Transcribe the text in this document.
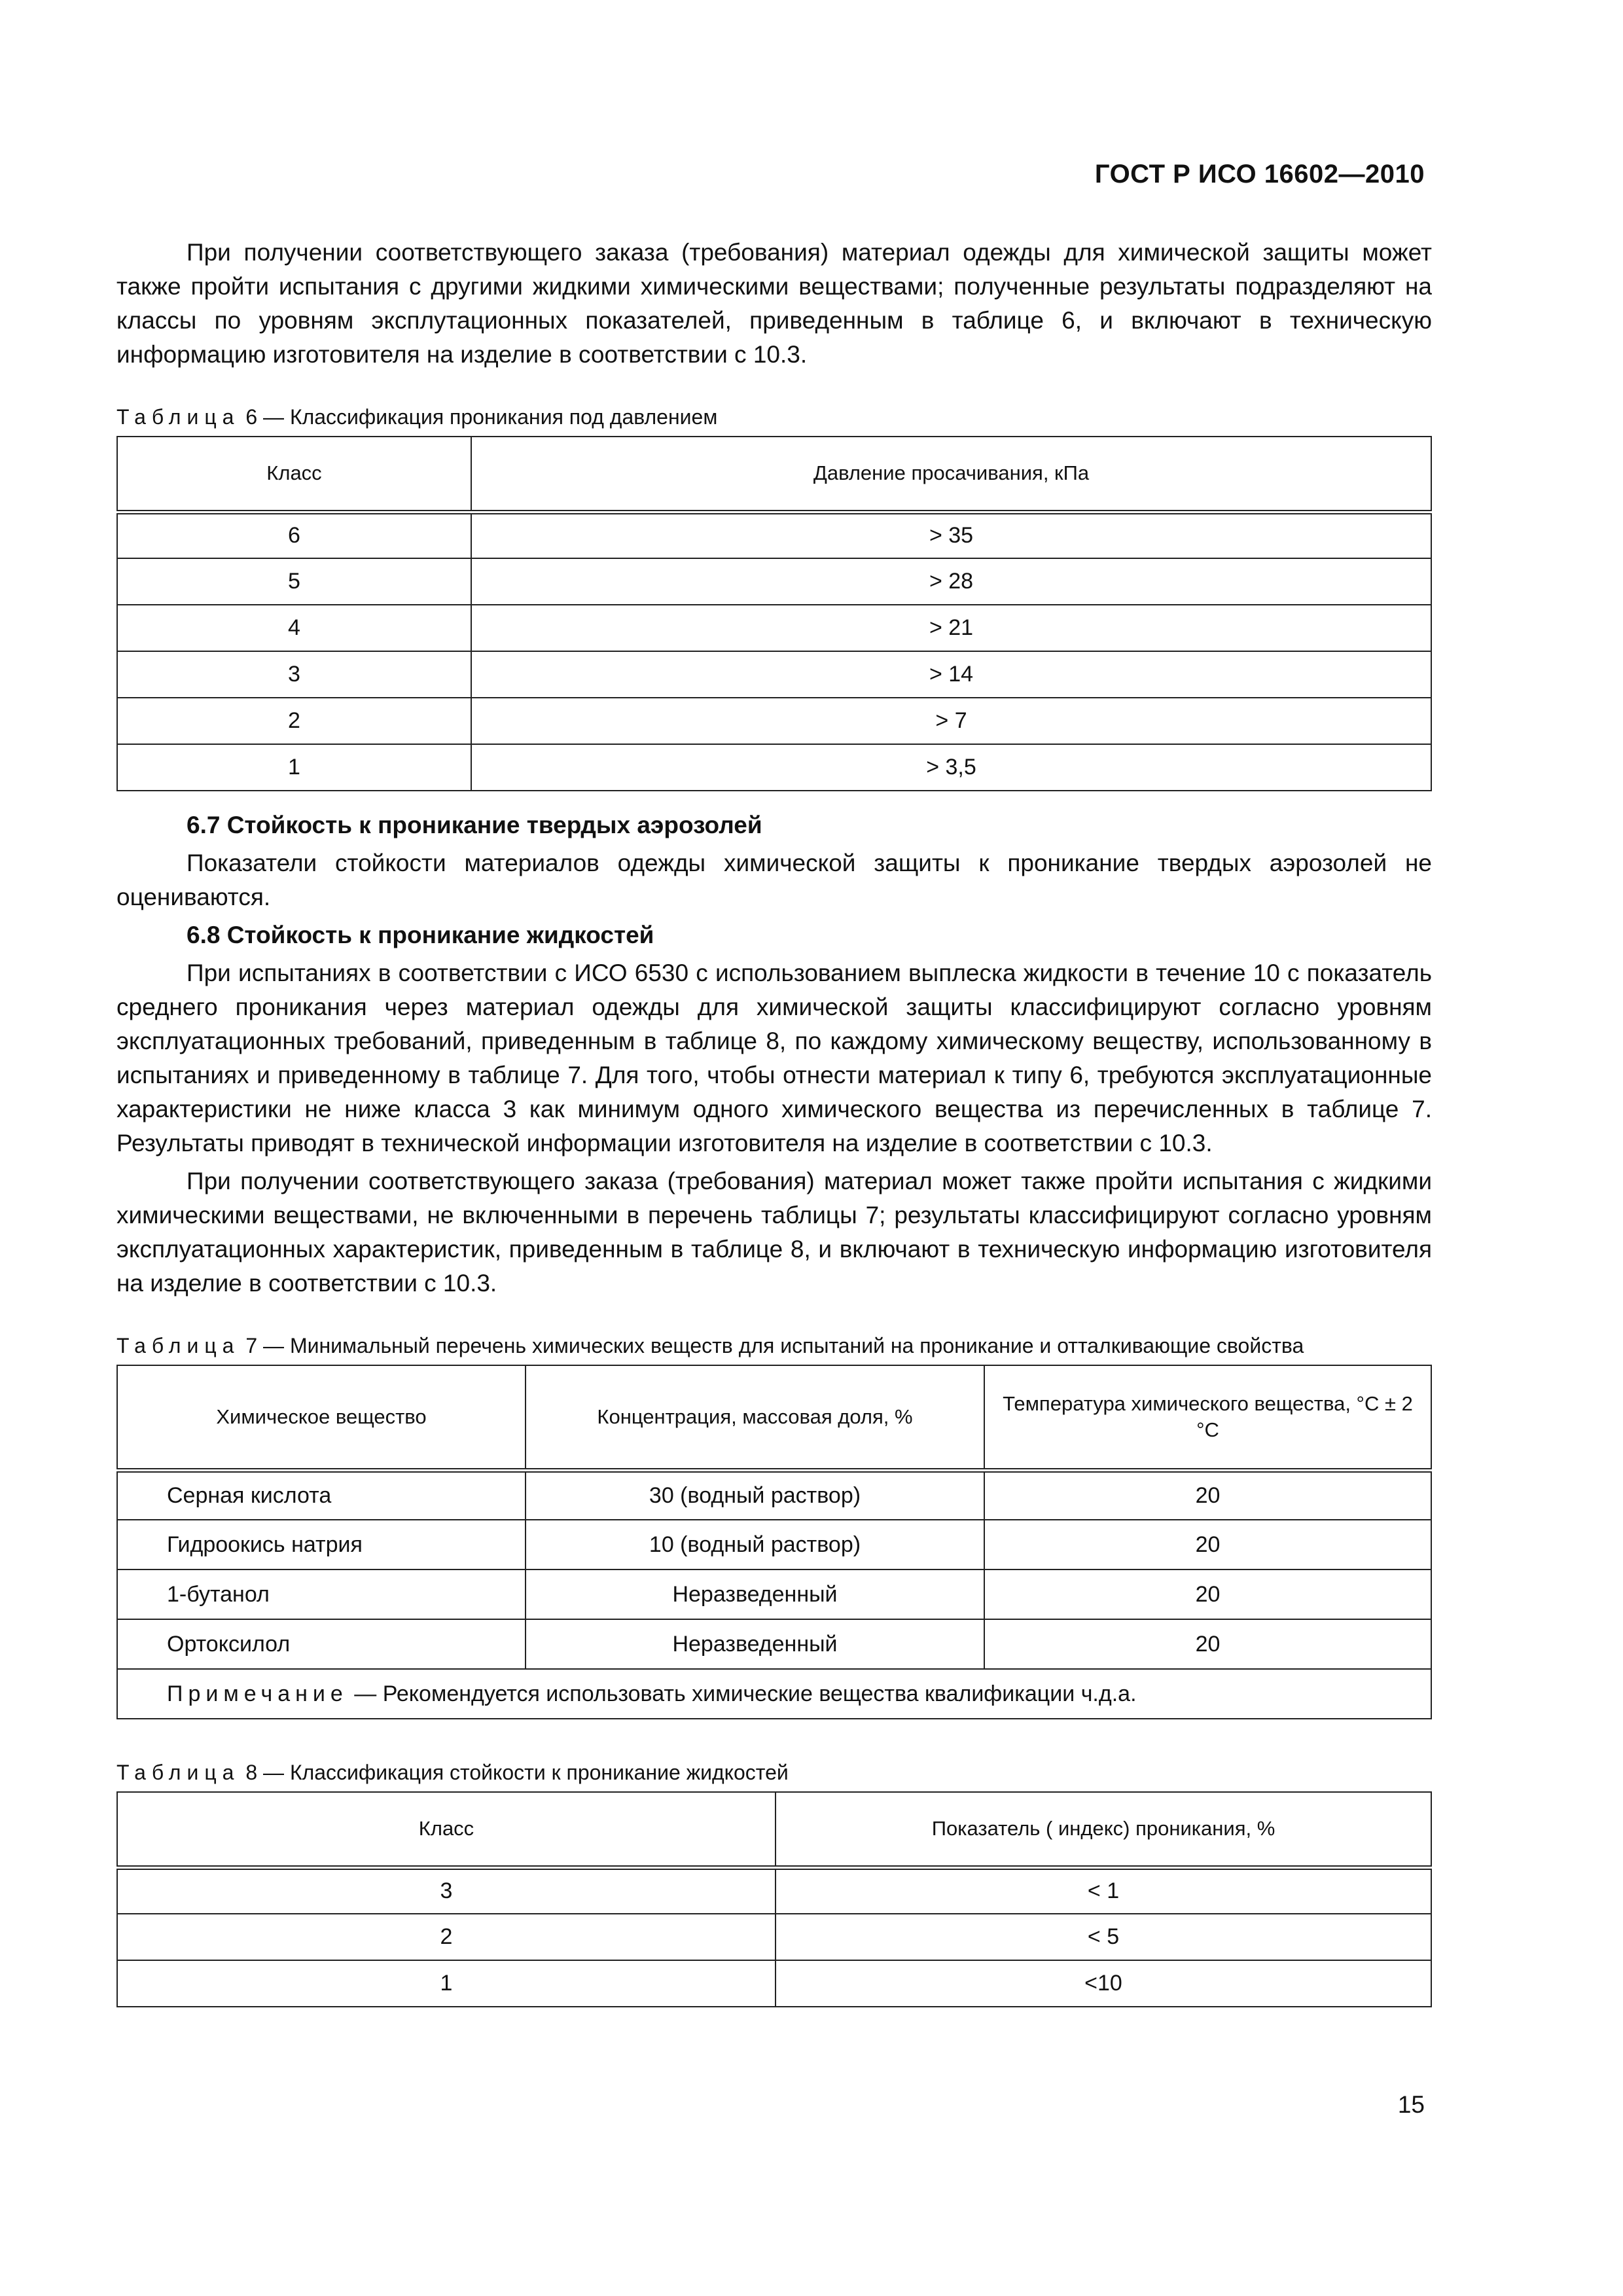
ГОСТ Р ИСО 16602—2010

При получении соответствующего заказа (требования) материал одежды для химической защиты может также пройти испытания с другими жидкими химическими веществами; полученные результаты подразделяют на классы по уровням эксплутационных показателей, приведенным в таблице 6, и включают в техническую информацию изготовителя на изделие в соответствии с 10.3.

Таблица 6 — Классификация проникания под давлением

Класс	Давление просачивания, кПа
6	> 35
5	> 28
4	> 21
3	> 14
2	> 7
1	> 3,5

6.7 Стойкость к проникание твердых аэрозолей

Показатели стойкости материалов одежды химической защиты к проникание твердых аэрозолей не оцениваются.

6.8 Стойкость к проникание жидкостей

При испытаниях в соответствии с ИСО 6530 с использованием выплеска жидкости в течение 10 с показатель среднего проникания через материал одежды для химической защиты классифицируют согласно уровням эксплуатационных требований, приведенным в таблице 8, по каждому химическому веществу, использованному в испытаниях и приведенному в таблице 7. Для того, чтобы отнести материал к типу 6, требуются эксплуатационные характеристики не ниже класса 3 как минимум одного химического вещества из перечисленных в таблице 7. Результаты приводят в технической информации изготовителя на изделие в соответствии с 10.3.

При получении соответствующего заказа (требования) материал может также пройти испытания с жидкими химическими веществами, не включенными в перечень таблицы 7; результаты классифицируют согласно уровням эксплуатационных характеристик, приведенным в таблице 8, и включают в техническую информацию изготовителя на изделие в соответствии с 10.3.

Таблица 7 — Минимальный перечень химических веществ для испытаний на проникание и отталкивающие свойства

Химическое вещество	Концентрация, массовая доля, %	Температура химического вещества, °С ± 2 °С
Серная кислота	30 (водный раствор)	20
Гидроокись натрия	10 (водный раствор)	20
1-бутанол	Неразведенный	20
Ортоксилол	Неразведенный	20
Примечание — Рекомендуется использовать химические вещества квалификации ч.д.а.		

Таблица 8 — Классификация стойкости к проникание жидкостей

Класс	Показатель ( индекс) проникания, %
3	< 1
2	< 5
1	<10
15
